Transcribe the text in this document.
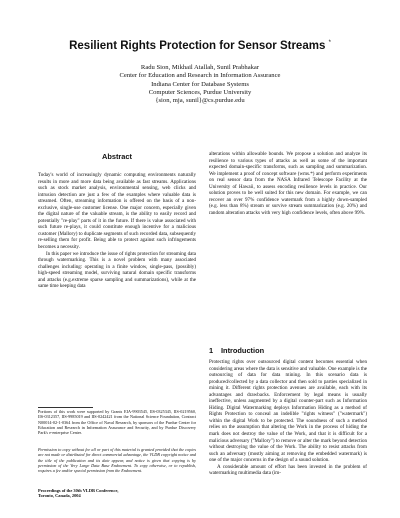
Resilient Rights Protection for Sensor Streams *
Radu Sion, Mikhail Atallah, Sunil Prabhakar
Center for Education and Research in Information Assurance
Indiana Center for Database Systems
Computer Sciences, Purdue University
{sion, mja, sunil}@cs.purdue.edu
Abstract

Today's world of increasingly dynamic computing environments naturally results in more and more data being available as fast streams. Applications such as stock market analysis, environmental sensing, web clicks and intrusion detection are just a few of the examples where valuable data is streamed. Often, streaming information is offered on the basis of a non-exclusive, single-use customer license. One major concern, especially given the digital nature of the valuable stream, is the ability to easily record and potentially "re-play" parts of it in the future. If there is value associated with such future re-plays, it could constitute enough incentive for a malicious customer (Mallory) to duplicate segments of such recorded data, subsequently re-selling them for profit. Being able to protect against such infringements becomes a necessity.

In this paper we introduce the issue of rights protection for streaming data through watermarking. This is a novel problem with many associated challenges including: operating in a finite window, single-pass, (possibly) high-speed streaming model, surviving natural domain specific transforms and attacks (e.g.extreme sparse sampling and summarizations), while at the same time keeping data

alterations within allowable bounds. We propose a solution and analyze its resilience to various types of attacks as well as some of the important expected domain-specific transforms, such as sampling and summarization. We implement a proof of concept software (wms.*) and perform experiments on real sensor data from the NASA Infrared Telescope Facility at the University of Hawaii, to assess encoding resilience levels in practice. Our solution proves to be well suited for this new domain. For example, we can recover an over 97% confidence watermark from a highly down-sampled (e.g. less than 8%) stream or survive stream summarization (e.g. 20%) and random alteration attacks with very high confidence levels, often above 99%.

1 Introduction

Protecting rights over outsourced digital content becomes essential when considering areas where the data is sensitive and valuable. One example is the outsourcing of data for data mining. In this scenario data is produced/collected by a data collector and then sold to parties specialized in mining it. Different rights protection avenues are available, each with its advantages and drawbacks. Enforcement by legal means is usually ineffective, unless augmented by a digital counter-part such as Information Hiding. Digital Watermarking deploys Information Hiding as a method of Rights Protection to conceal an indelible "rights witness" ("watermark") within the digital Work to be protected. The soundness of such a method relies on the assumption that altering the Work in the process of hiding the mark does not destroy the value of the Work, and that it is difficult for a malicious adversary ("Mallory") to remove or alter the mark beyond detection without destroying the value of the Work. The ability to resist attacks from such an adversary (mostly aiming at removing the embedded watermark) is one of the major concerns in the design of a sound solution.

A considerable amount of effort has been invested in the problem of watermarking multimedia data (im-

Portions of this work were supported by Grants EIA-9903545, IIS-0325345, IIS-0219560, IIS-0312357, IIS-9985019 and IIS-0242421 from the National Science Foundation, Contract N00014-02-1-0364 from the Office of Naval Research, by sponsors of the Purdue Center for Education and Research in Information Assurance and Security, and by Purdue Discovery Park's e-enterprise Center.
Permission to copy without fee all or part of this material is granted provided that the copies are not made or distributed for direct commercial advantage, the VLDB copyright notice and the title of the publication and its date appear, and notice is given that copying is by permission of the Very Large Data Base Endowment. To copy otherwise, or to republish, requires a fee and/or special permission from the Endowment.
Proceedings of the 30th VLDB Conference,
Toronto, Canada, 2004
